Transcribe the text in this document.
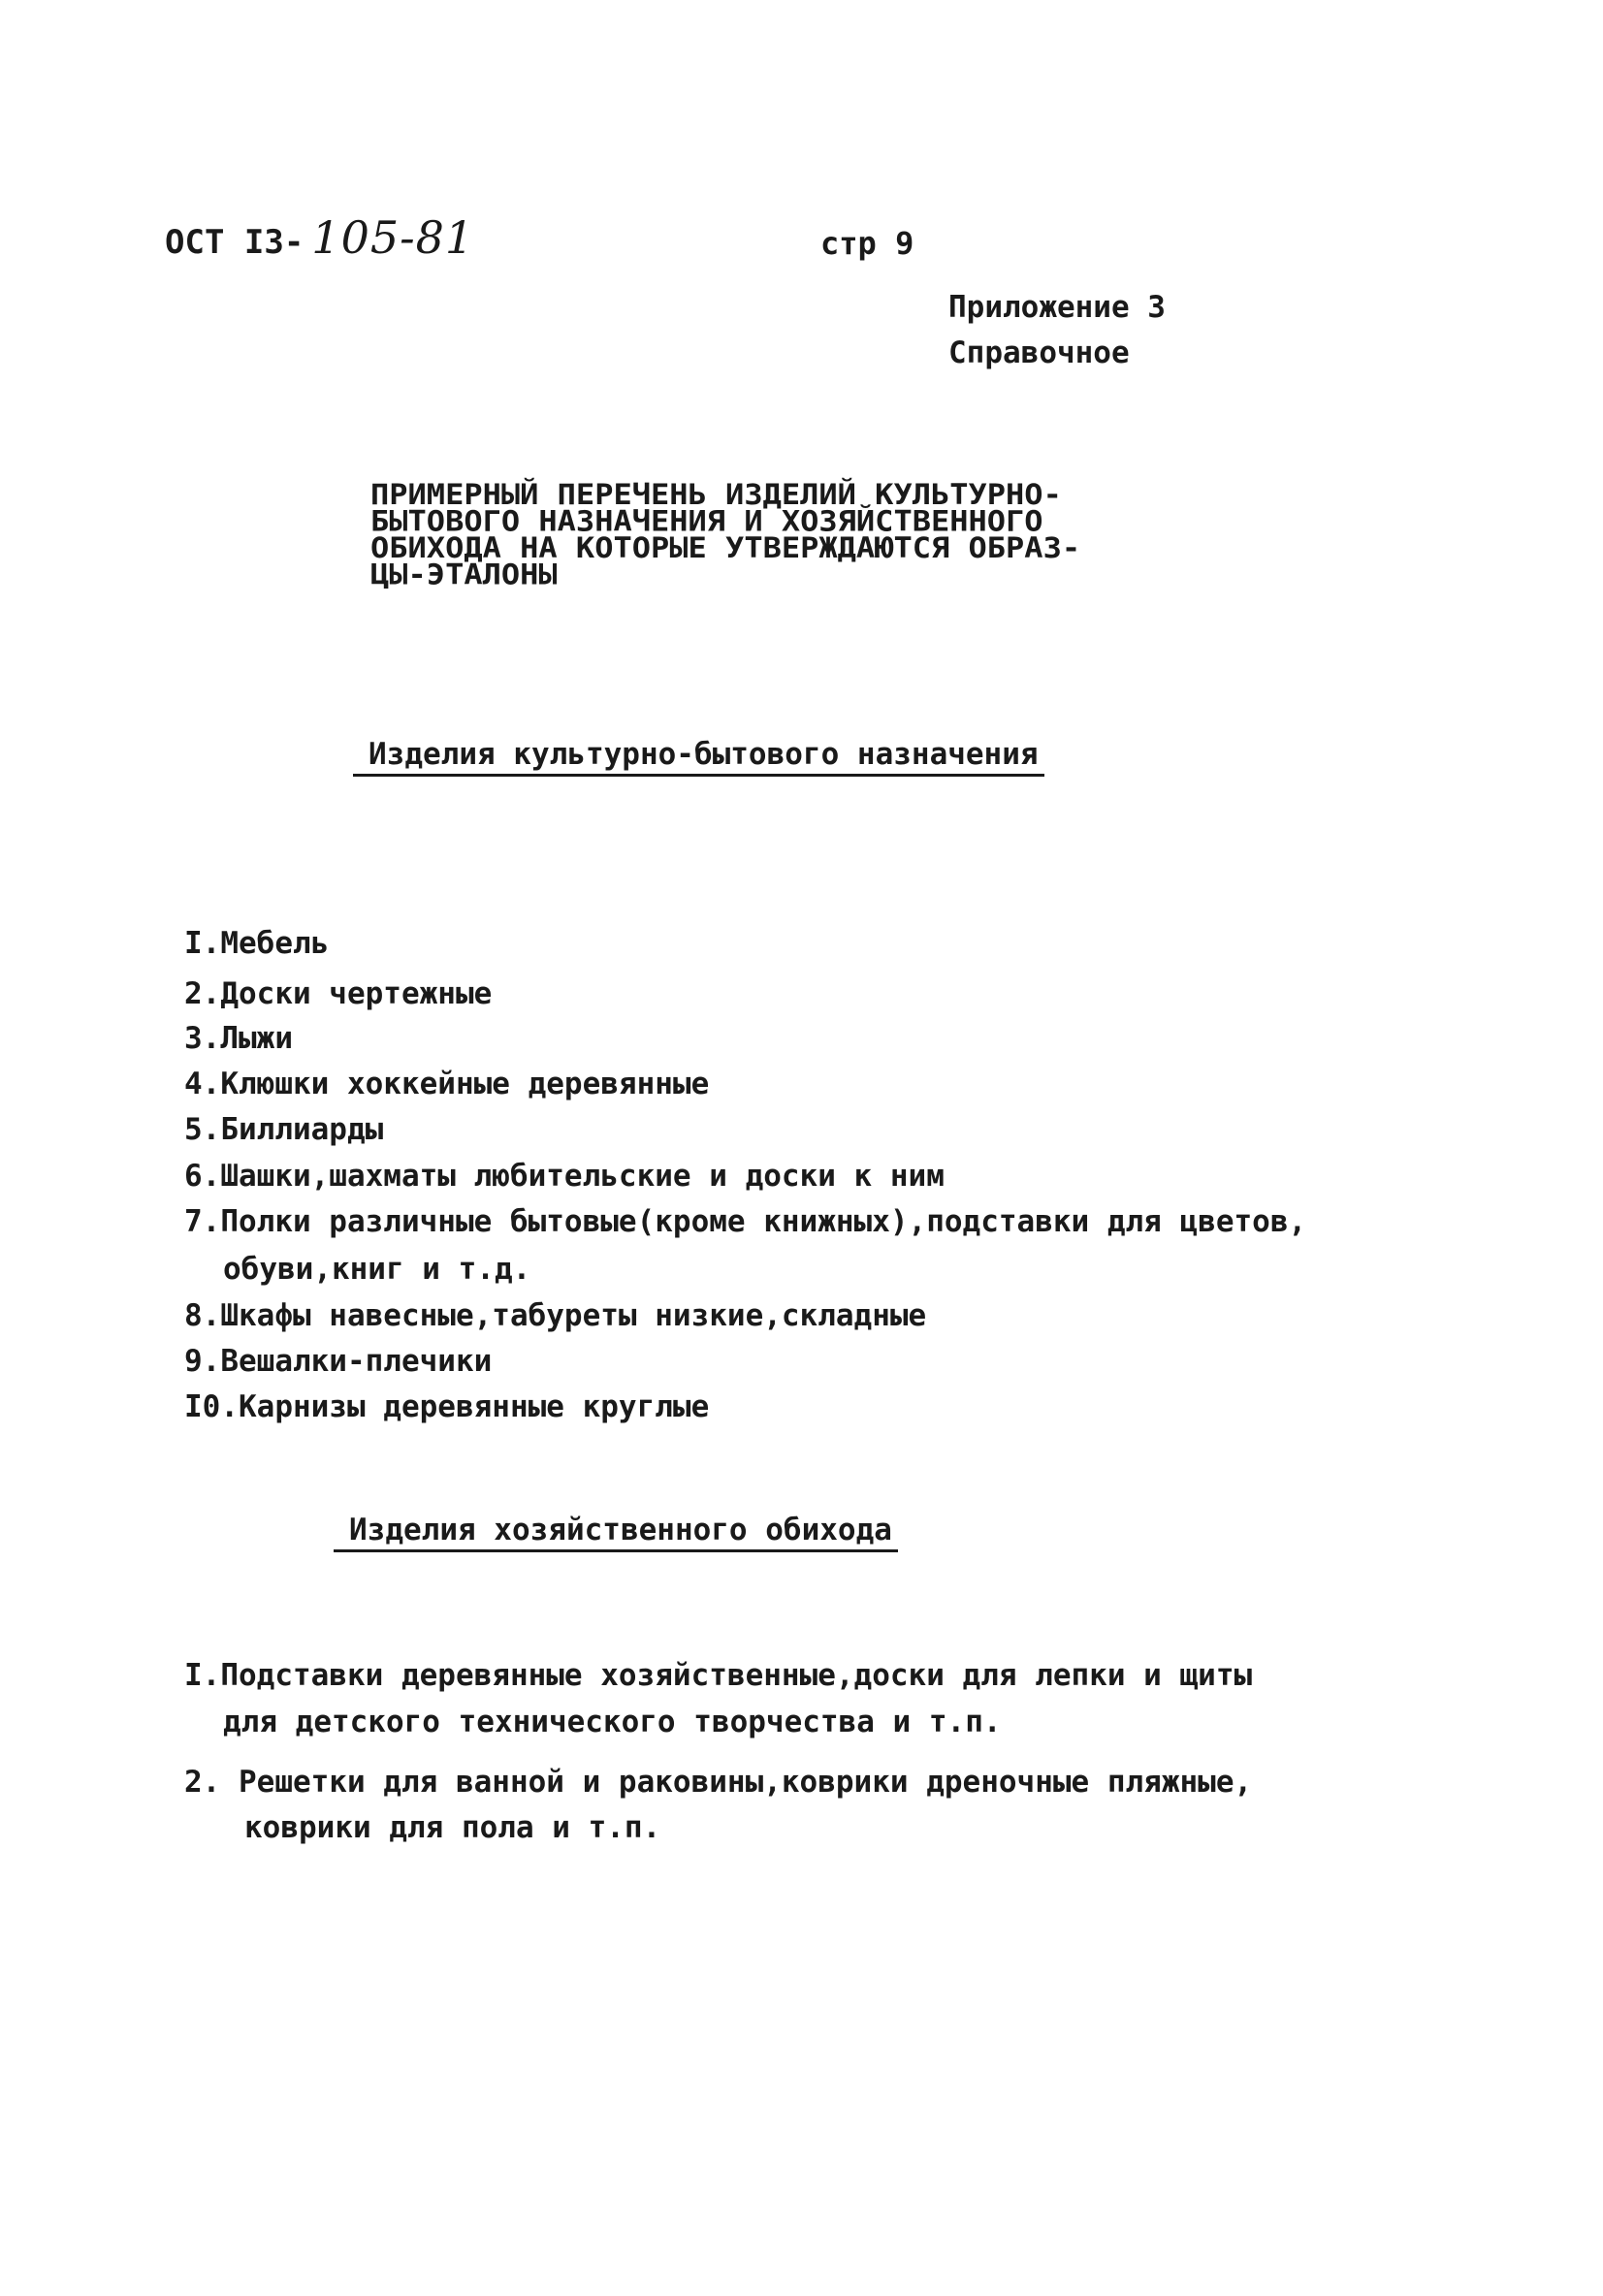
ОСТ I3- 105-81	стр 9
Приложение 3
Справочное
ПРИМЕРНЫЙ ПЕРЕЧЕНЬ ИЗДЕЛИЙ КУЛЬТУРНО-
БЫТОВОГО НАЗНАЧЕНИЯ И ХОЗЯЙСТВЕННОГО
ОБИХОДА НА КОТОРЫЕ УТВЕРЖДАЮТСЯ ОБРАЗ-
ЦЫ-ЭТАЛОНЫ
Изделия культурно-бытового назначения
I.Мебель
2.Доски чертежные
3.Лыжи
4.Клюшки хоккейные деревянные
5.Биллиарды
6.Шашки,шахматы любительские и доски к ним
7.Полки различные бытовые(кроме книжных),подставки для цветов,
обуви,книг и т.д.
8.Шкафы навесные,табуреты низкие,складные
9.Вешалки-плечики
I0.Карнизы деревянные круглые
Изделия хозяйственного обихода
I.Подставки деревянные хозяйственные,доски для лепки и щиты
для детского технического творчества и т.п.
2. Решетки для ванной и раковины,коврики дреночные пляжные,
коврики для пола и т.п.
